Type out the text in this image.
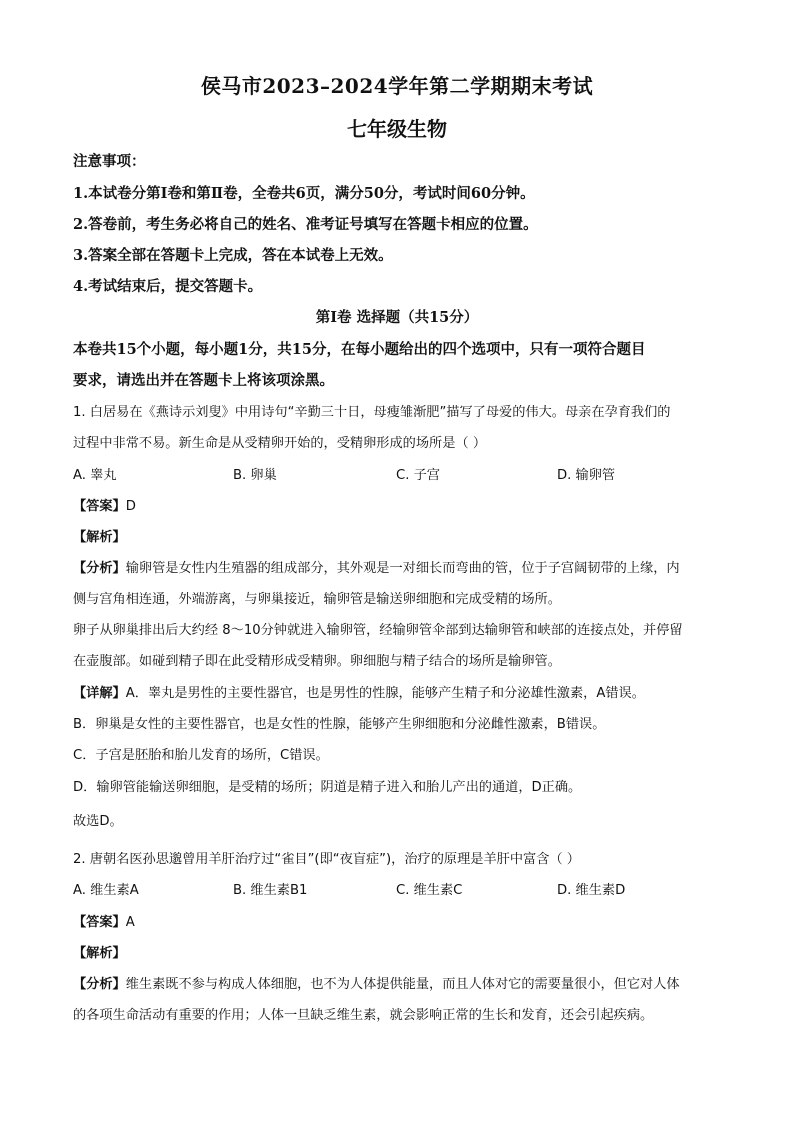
侯马市2023–2024学年第二学期期末考试
七年级生物
注意事项：
1.本试卷分第Ⅰ卷和第Ⅱ卷，全卷共6页，满分50分，考试时间60分钟。
2.答卷前，考生务必将自己的姓名、准考证号填写在答题卡相应的位置。
3.答案全部在答题卡上完成，答在本试卷上无效。
4.考试结束后，提交答题卡。
第Ⅰ卷 选择题（共15分）
本卷共15个小题，每小题1分，共15分，在每小题给出的四个选项中，只有一项符合题目
要求，请选出并在答题卡上将该项涂黑。
1. 白居易在《燕诗示刘叟》中用诗句“辛勤三十日，母瘦雏渐肥”描写了母爱的伟大。母亲在孕育我们的
过程中非常不易。新生命是从受精卵开始的，受精卵形成的场所是（ ）
A. 睾丸	B. 卵巢	C. 子宫	D. 输卵管
【答案】D
【解析】
【分析】输卵管是女性内生殖器的组成部分，其外观是一对细长而弯曲的管，位于子宫阔韧带的上缘，内
侧与宫角相连通，外端游离，与卵巢接近，输卵管是输送卵细胞和完成受精的场所。
卵子从卵巢排出后大约经 8～10分钟就进入输卵管，经输卵管伞部到达输卵管和峡部的连接点处，并停留
在壶腹部。如碰到精子即在此受精形成受精卵。卵细胞与精子结合的场所是输卵管。
【详解】A．睾丸是男性的主要性器官，也是男性的性腺，能够产生精子和分泌雄性激素，A错误。
B．卵巢是女性的主要性器官，也是女性的性腺，能够产生卵细胞和分泌雌性激素，B错误。
C．子宫是胚胎和胎儿发育的场所，C错误。
D．输卵管能输送卵细胞，是受精的场所；阴道是精子进入和胎儿产出的通道，D正确。
故选D。
2. 唐朝名医孙思邈曾用羊肝治疗过“雀目”(即“夜盲症”)，治疗的原理是羊肝中富含（ ）
A. 维生素A	B. 维生素B1	C. 维生素C	D. 维生素D
【答案】A
【解析】
【分析】维生素既不参与构成人体细胞，也不为人体提供能量，而且人体对它的需要量很小，但它对人体
的各项生命活动有重要的作用；人体一旦缺乏维生素，就会影响正常的生长和发育，还会引起疾病。
